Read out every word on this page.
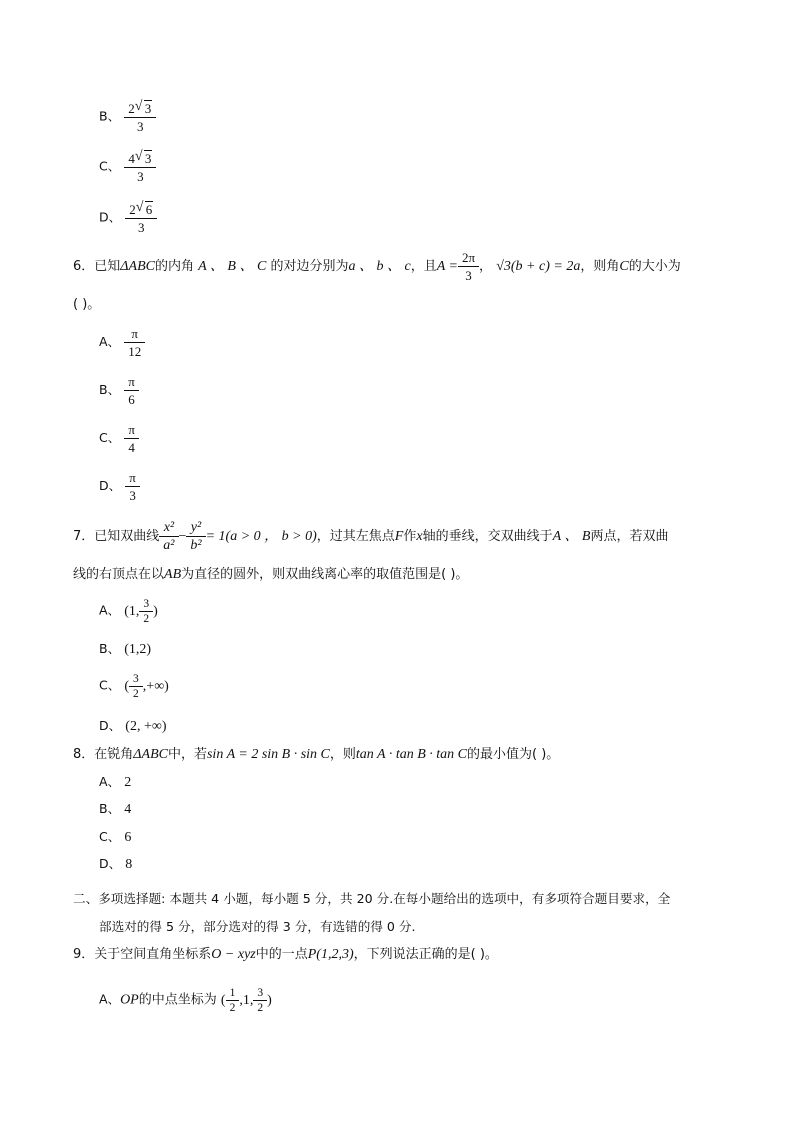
B、 $\frac{2 √ 3}{3}$
C、 $\frac{4 √ 3}{3}$
D、 $\frac{2 √ 6}{3}$
6．已知ΔABC的内角 A 、 B 、 C 的对边分别为a 、 b 、 c，且$A = \frac{2\pi}{3}$ ， √3(b + c) = 2a，则角C的大小为
( )。
A、 $\frac{\pi}{12}$
B、 $\frac{\pi}{6}$
C、 $\frac{\pi}{4}$
D、 $\frac{\pi}{3}$
7．已知双曲线 $\frac{\text{x²}}{\text{a²}} - \frac{\text{y²}}{\text{b²}} = 1(a > 0$ ， b > 0)，过其左焦点F作x轴的垂线，交双曲线于A 、 B两点，若双曲
线的右顶点在以AB为直径的圆外，则双曲线离心率的取值范围是( )。
A、 (1, $\frac{3}{2}$ )
B、 (1,2)
C、 ( $\frac{3}{2}$ ,+∞)
D、 (2, +∞)
8．在锐角ΔABC中，若sin A = 2 sin B · sin C，则tan A · tan B · tan C的最小值为( )。
A、 2
B、 4
C、 6
D、 8
二、多项选择题: 本题共 4 小题，每小题 5 分，共 20 分.在每小题给出的选项中，有多项符合题目要求，全
部选对的得 5 分，部分选对的得 3 分，有选错的得 0 分.
9．关于空间直角坐标系O − xyz中的一点P(1,2,3)，下列说法正确的是( )。
A、OP的中点坐标为 ( $\frac{1}{2} ,1$, $\frac{3}{2}$ )
